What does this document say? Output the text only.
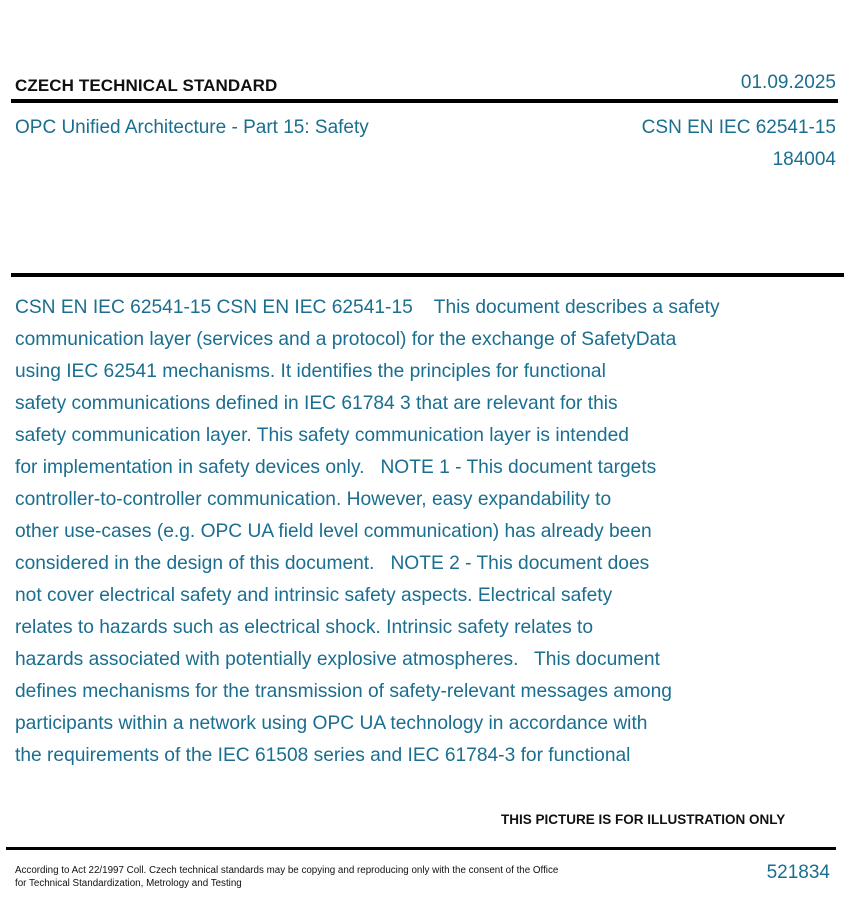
CZECH TECHNICAL STANDARD	01.09.2025
OPC Unified Architecture - Part 15: Safety	CSN EN IEC 62541-15
184004
CSN EN IEC 62541-15 CSN EN IEC 62541-15    This document describes a safety
communication layer (services and a protocol) for the exchange of SafetyData
using IEC 62541 mechanisms. It identifies the principles for functional
safety communications defined in IEC 61784 3 that are relevant for this
safety communication layer. This safety communication layer is intended
for implementation in safety devices only.   NOTE 1 - This document targets
controller-to-controller communication. However, easy expandability to
other use-cases (e.g. OPC UA field level communication) has already been
considered in the design of this document.   NOTE 2 - This document does
not cover electrical safety and intrinsic safety aspects. Electrical safety
relates to hazards such as electrical shock. Intrinsic safety relates to
hazards associated with potentially explosive atmospheres.   This document
defines mechanisms for the transmission of safety-relevant messages among
participants within a network using OPC UA technology in accordance with
the requirements of the IEC 61508 series and IEC 61784-3 for functional
THIS PICTURE IS FOR ILLUSTRATION ONLY
According to Act 22/1997 Coll. Czech technical standards may be copying and reproducing only with the consent of the Office
for Technical Standardization, Metrology and Testing
521834
